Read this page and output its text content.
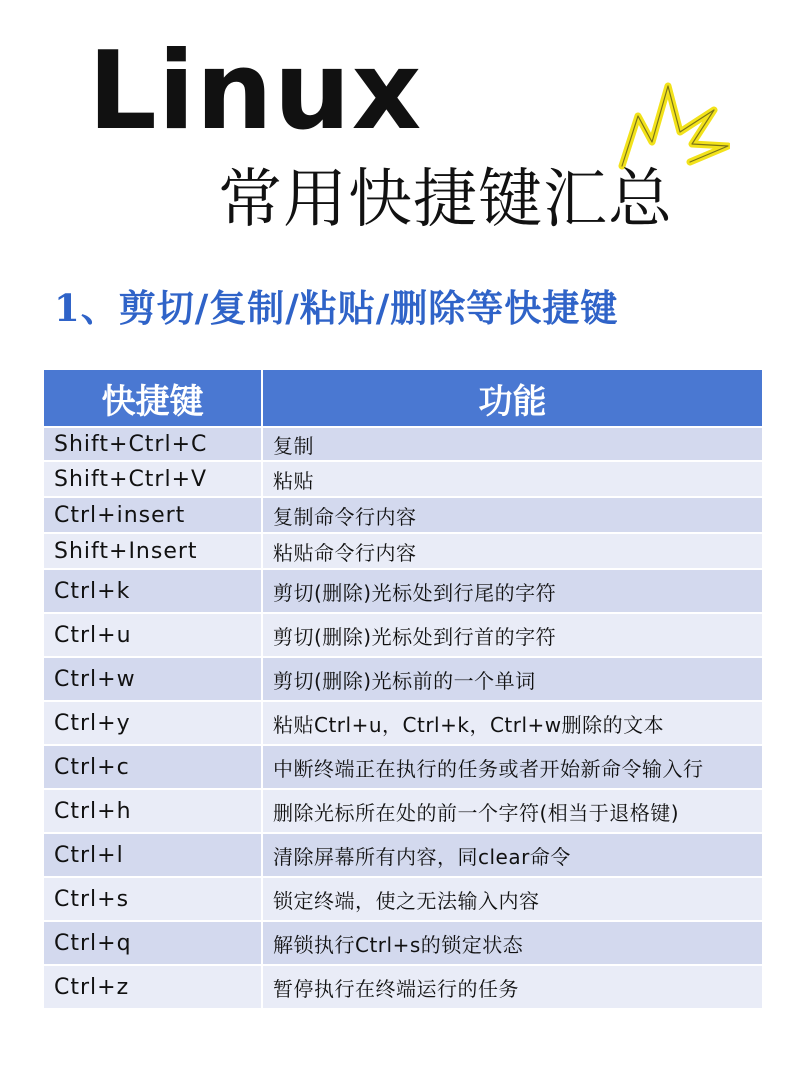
Linux
常用快捷键汇总
1、剪切/复制/粘贴/删除等快捷键
快捷键	功能
Shift+Ctrl+C	复制
Shift+Ctrl+V	粘贴
Ctrl+insert	复制命令行内容
Shift+Insert	粘贴命令行内容
Ctrl+k	剪切(删除)光标处到行尾的字符
Ctrl+u	剪切(删除)光标处到行首的字符
Ctrl+w	剪切(删除)光标前的一个单词
Ctrl+y	粘贴Ctrl+u，Ctrl+k，Ctrl+w删除的文本
Ctrl+c	中断终端正在执行的任务或者开始新命令输入行
Ctrl+h	删除光标所在处的前一个字符(相当于退格键)
Ctrl+l	清除屏幕所有内容，同clear命令
Ctrl+s	锁定终端，使之无法输入内容
Ctrl+q	解锁执行Ctrl+s的锁定状态
Ctrl+z	暂停执行在终端运行的任务
